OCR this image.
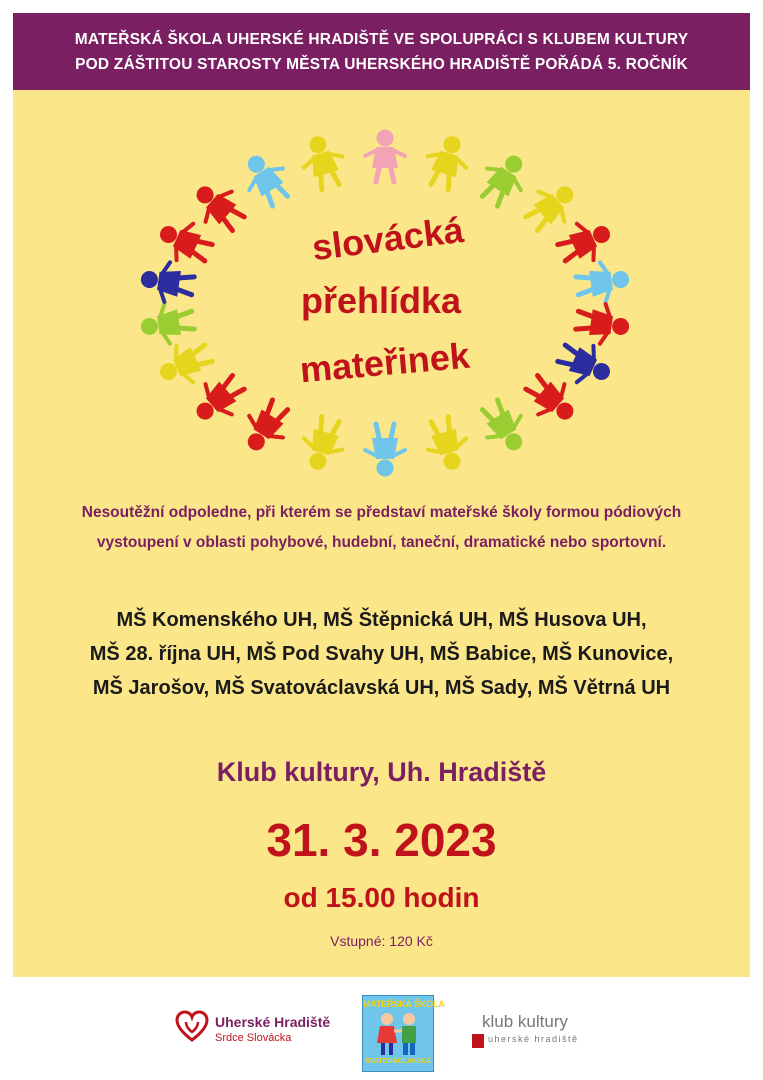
MATEŘSKÁ ŠKOLA UHERSKÉ HRADIŠTĚ VE SPOLUPRÁCI S KLUBEM KULTURY
POD ZÁŠTITOU STAROSTY MĚSTA UHERSKÉHO HRADIŠTĚ POŘÁDÁ 5. ROČNÍK
slovácká
přehlídka
mateřinek
Nesoutěžní odpoledne, při kterém se představí mateřské školy formou pódiových
vystoupení v oblasti pohybové, hudební, taneční, dramatické nebo sportovní.
MŠ Komenského UH, MŠ Štěpnická UH, MŠ Husova UH,
MŠ 28. října UH, MŠ Pod Svahy UH, MŠ Babice, MŠ Kunovice,
MŠ Jarošov, MŠ Svatováclavská UH, MŠ Sady, MŠ Větrná UH
Klub kultury, Uh. Hradiště
31. 3. 2023
od 15.00 hodin
Vstupné: 120 Kč
Uherské Hradiště
Srdce Slovácka
MATEŘSKÁ ŠKOLA
SVATOVÁCLAVSKÁ
klub kultury
uherské hradiště
